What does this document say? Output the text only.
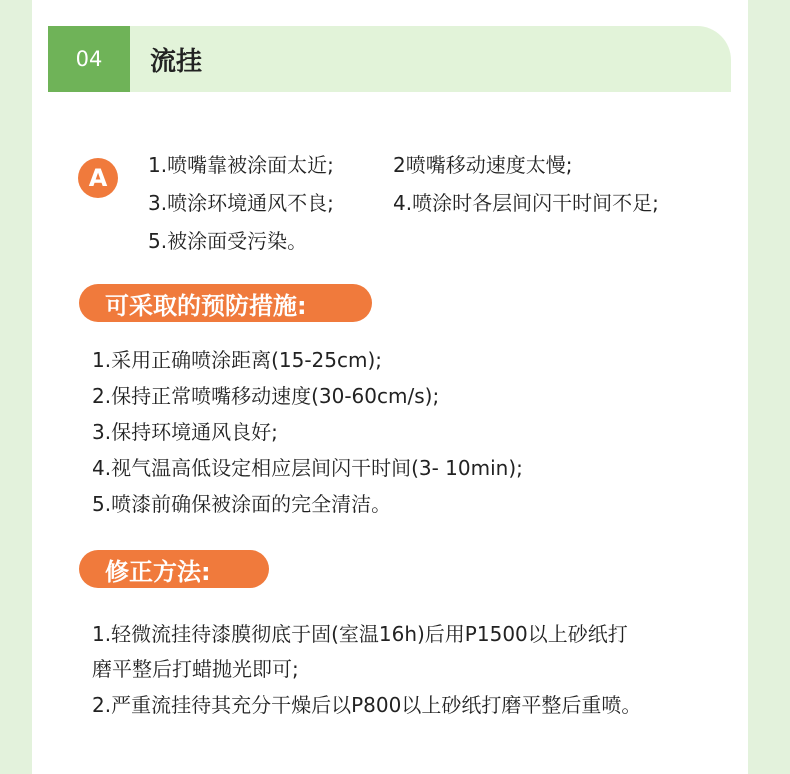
04	流挂
A	1.喷嘴靠被涂面太近;	2喷嘴移动速度太慢;
3.喷涂环境通风不良;	4.喷涂时各层间闪干时间不足;
5.被涂面受污染。
可采取的预防措施:
1.采用正确喷涂距离(15-25cm);
2.保持正常喷嘴移动速度(30-60cm/s);
3.保持环境通风良好;
4.视气温高低设定相应层间闪干时间(3- 10min);
5.喷漆前确保被涂面的完全清洁。
修正方法:
1.轻微流挂待漆膜彻底于固(室温16h)后用P1500以上砂纸打
磨平整后打蜡抛光即可;
2.严重流挂待其充分干燥后以P800以上砂纸打磨平整后重喷。
